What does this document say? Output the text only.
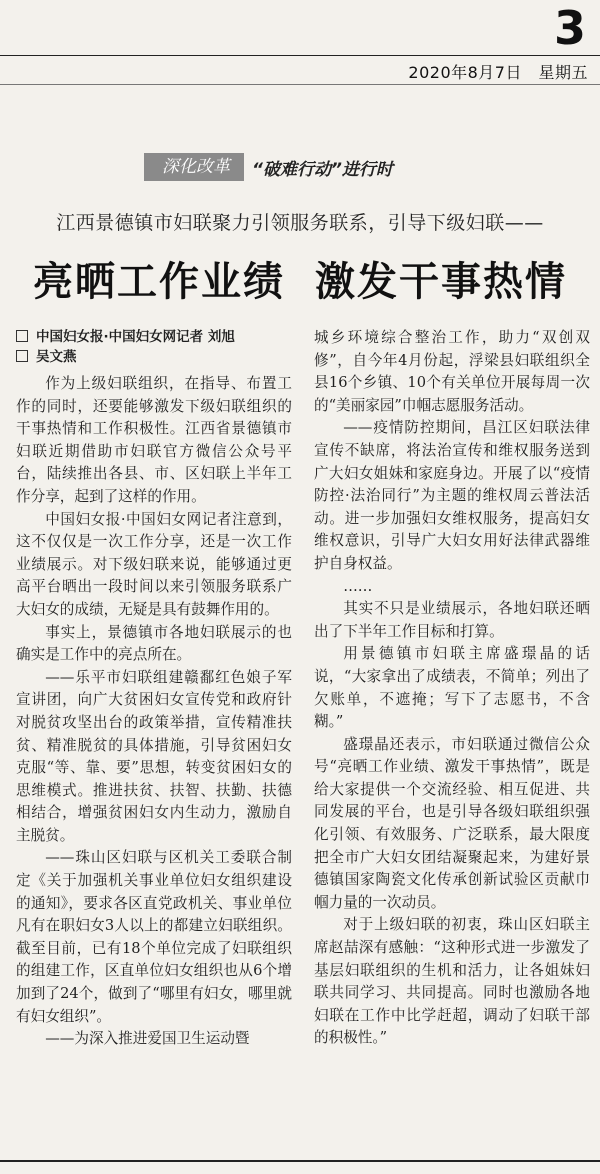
3
2020年8月7日　星期五
深化改革	“破难行动”进行时
江西景德镇市妇联聚力引领服务联系，引导下级妇联——
亮晒工作业绩 激发干事热情
中国妇女报·中国妇女网记者 刘旭
吴文燕

作为上级妇联组织，在指导、布置工作的同时，还要能够激发下级妇联组织的干事热情和工作积极性。江西省景德镇市妇联近期借助市妇联官方微信公众号平台，陆续推出各县、市、区妇联上半年工作分享，起到了这样的作用。

中国妇女报·中国妇女网记者注意到，这不仅仅是一次工作分享，还是一次工作业绩展示。对下级妇联来说，能够通过更高平台晒出一段时间以来引领服务联系广大妇女的成绩，无疑是具有鼓舞作用的。

事实上，景德镇市各地妇联展示的也确实是工作中的亮点所在。

——乐平市妇联组建赣鄱红色娘子军宣讲团，向广大贫困妇女宣传党和政府针对脱贫攻坚出台的政策举措，宣传精准扶贫、精准脱贫的具体措施，引导贫困妇女克服“等、靠、要”思想，转变贫困妇女的思维模式。推进扶贫、扶智、扶勤、扶德相结合，增强贫困妇女内生动力，激励自主脱贫。

——珠山区妇联与区机关工委联合制定《关于加强机关事业单位妇女组织建设的通知》，要求各区直党政机关、事业单位凡有在职妇女3人以上的都建立妇联组织。截至目前，已有18个单位完成了妇联组织的组建工作，区直单位妇女组织也从6个增加到了24个，做到了“哪里有妇女，哪里就有妇女组织”。

——为深入推进爱国卫生运动暨

城乡环境综合整治工作，助力“双创双修”，自今年4月份起，浮梁县妇联组织全县16个乡镇、10个有关单位开展每周一次的“美丽家园”巾帼志愿服务活动。

——疫情防控期间，昌江区妇联法律宣传不缺席，将法治宣传和维权服务送到广大妇女姐妹和家庭身边。开展了以“疫情防控·法治同行”为主题的维权周云普法活动。进一步加强妇女维权服务，提高妇女维权意识，引导广大妇女用好法律武器维护自身权益。

……

其实不只是业绩展示，各地妇联还晒出了下半年工作目标和打算。

用景德镇市妇联主席盛璟晶的话说，“大家拿出了成绩表，不简单；列出了欠账单，不遮掩；写下了志愿书，不含糊。”

盛璟晶还表示，市妇联通过微信公众号“亮晒工作业绩、激发干事热情”，既是给大家提供一个交流经验、相互促进、共同发展的平台，也是引导各级妇联组织强化引领、有效服务、广泛联系，最大限度把全市广大妇女团结凝聚起来，为建好景德镇国家陶瓷文化传承创新试验区贡献巾帼力量的一次动员。

对于上级妇联的初衷，珠山区妇联主席赵喆深有感触：“这种形式进一步激发了基层妇联组织的生机和活力，让各姐妹妇联共同学习、共同提高。同时也激励各地妇联在工作中比学赶超，调动了妇联干部的积极性。”
